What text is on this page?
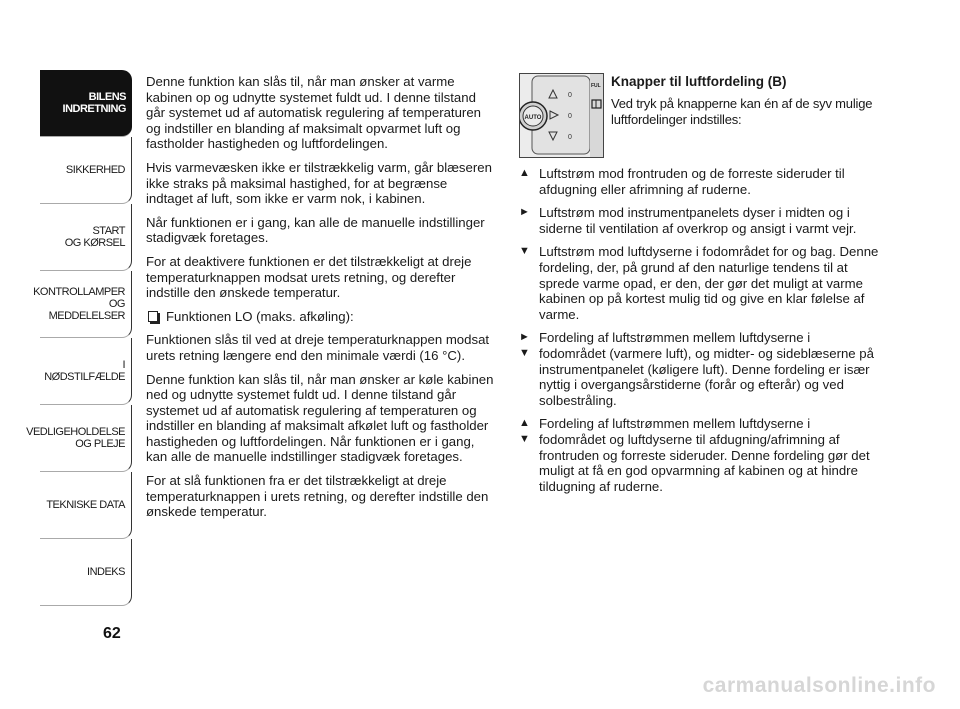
BILENS
INDRETNING
SIKKERHED
START
OG KØRSEL
KONTROLLAMPER
OG MEDDELELSER
I NØDSTILFÆLDE
VEDLIGEHOLDELSE
OG PLEJE
TEKNISKE DATA
INDEKS
62

Denne funktion kan slås til, når man ønsker at varme kabinen op og udnytte systemet fuldt ud. I denne tilstand går systemet ud af automatisk regulering af temperaturen og indstiller en blanding af maksimalt opvarmet luft og fastholder hastigheden og luftfordelingen.

Hvis varmevæsken ikke er tilstrækkelig varm, går blæseren ikke straks på maksimal hastighed, for at begrænse indtaget af luft, som ikke er varm nok, i kabinen.

Når funktionen er i gang, kan alle de manuelle indstillinger stadigvæk foretages.

For at deaktivere funktionen er det tilstrækkeligt at dreje temperaturknappen modsat urets retning, og derefter indstille den ønskede temperatur.

Funktionen LO (maks. afkøling):

Funktionen slås til ved at dreje temperaturknappen modsat urets retning længere end den minimale værdi (16 °C).

Denne funktion kan slås til, når man ønsker ar køle kabinen ned og udnytte systemet fuldt ud. I denne tilstand går systemet ud af automatisk regulering af temperaturen og indstiller en blanding af maksimalt afkølet luft og fastholder hastigheden og luftfordelingen. Når funktionen er i gang, kan alle de manuelle indstillinger stadigvæk foretages.

For at slå funktionen fra er det tilstrækkeligt at dreje temperaturknappen i urets retning, og derefter indstille den ønskede temperatur.

AUTO
0
0
0
FUL Knapper til luftfordeling (B)

Ved tryk på knapperne kan én af de syv mulige luftfordelinger indstilles:

▲ Luftstrøm mod frontruden og de forreste sideruder til afdugning eller afrimning af ruderne.
► Luftstrøm mod instrumentpanelets dyser i midten og i siderne til ventilation af overkrop og ansigt i varmt vejr.
▼ Luftstrøm mod luftdyserne i fodområdet for og bag. Denne fordeling, der, på grund af den naturlige tendens til at sprede varme opad, er den, der gør det muligt at varme kabinen op på kortest mulig tid og give en klar følelse af varme.
►
▼
Fordeling af luftstrømmen mellem luftdyserne i fodområdet (varmere luft), og midter- og sideblæserne på instrumentpanelet (køligere luft). Denne fordeling er især nyttig i overgangsårstiderne (forår og efterår) og ved solbestråling.
▲
▼
Fordeling af luftstrømmen mellem luftdyserne i fodområdet og luftdyserne til afdugning/afrimning af frontruden og forreste sideruder. Denne fordeling gør det muligt at få en god opvarmning af kabinen og at hindre tildugning af ruderne.
carmanualsonline.info
